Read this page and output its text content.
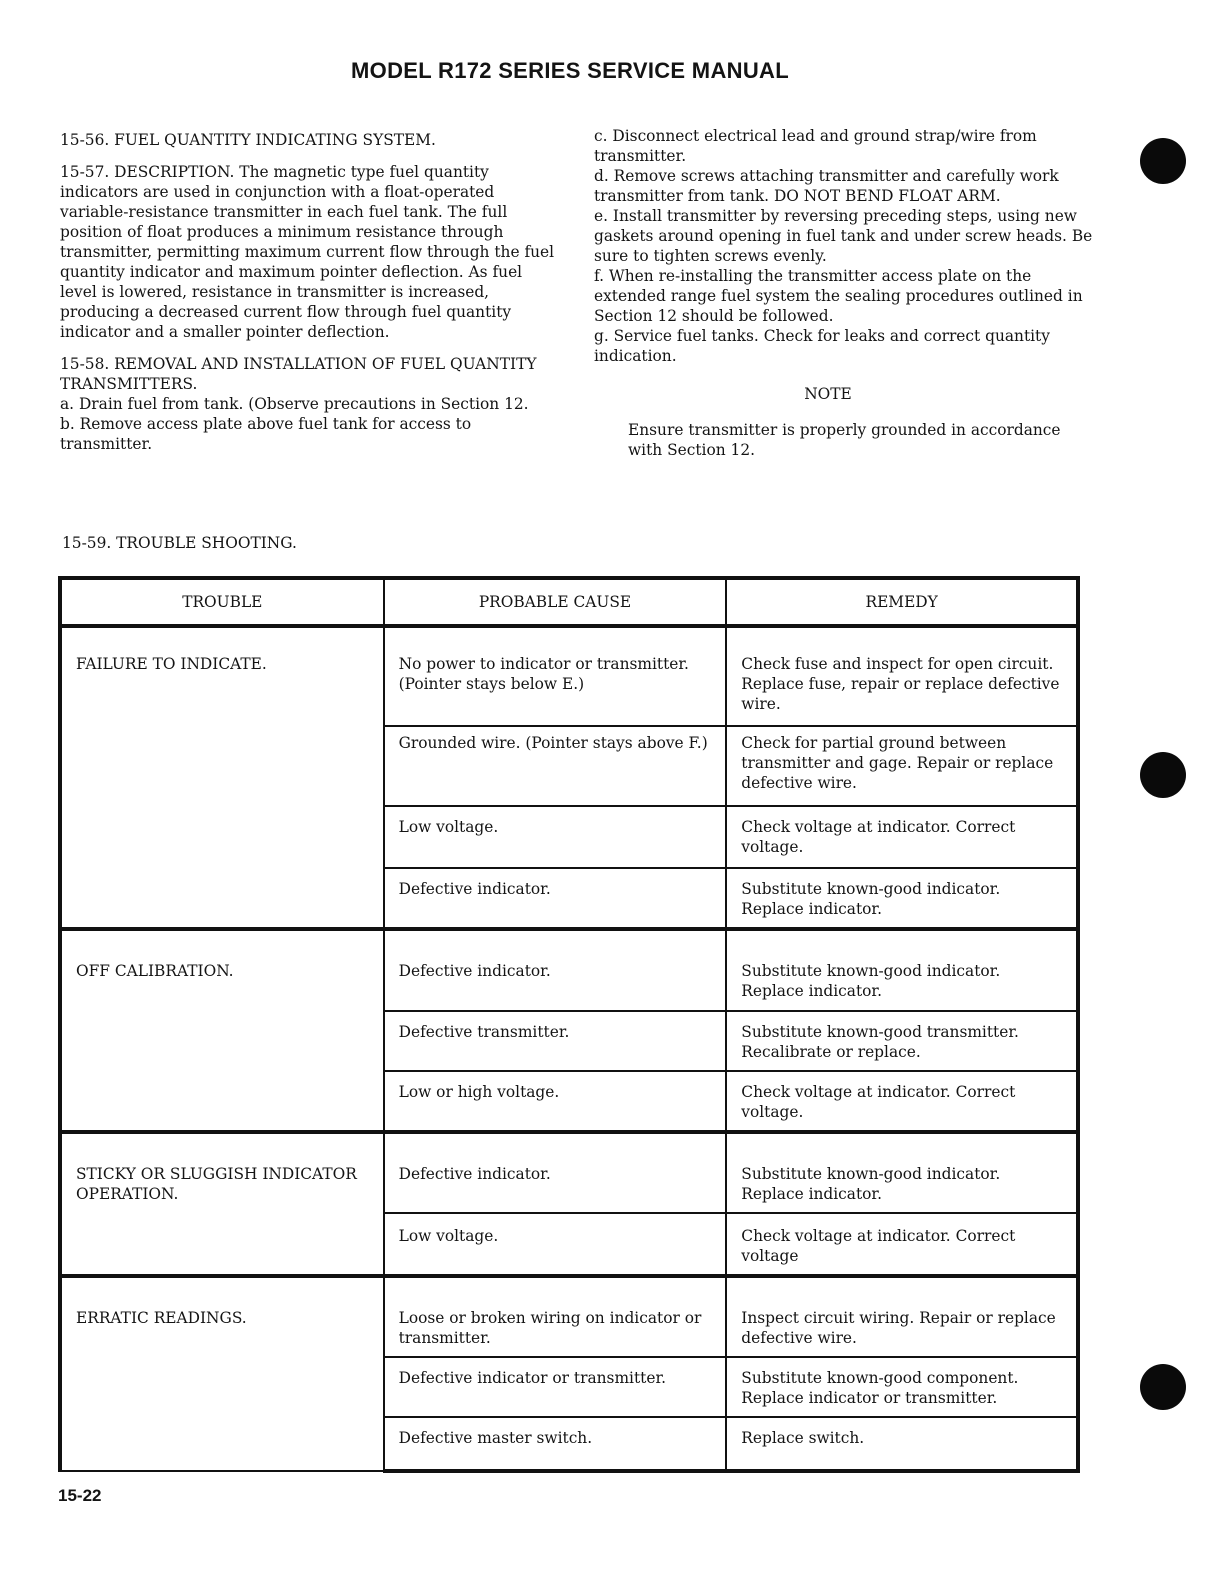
MODEL R172 SERIES SERVICE MANUAL

15-56. FUEL QUANTITY INDICATING SYSTEM.

15-57. DESCRIPTION. The magnetic type fuel quantity indicators are used in conjunction with a float-operated variable-resistance transmitter in each fuel tank. The full position of float produces a minimum resistance through transmitter, permitting maximum current flow through the fuel quantity indicator and maximum pointer deflection. As fuel level is lowered, resistance in transmitter is increased, producing a decreased current flow through fuel quantity indicator and a smaller pointer deflection.

15-58. REMOVAL AND INSTALLATION OF FUEL QUANTITY TRANSMITTERS.

a. Drain fuel from tank. (Observe precautions in Section 12.

b. Remove access plate above fuel tank for access to transmitter.

c. Disconnect electrical lead and ground strap/wire from transmitter.

d. Remove screws attaching transmitter and carefully work transmitter from tank. DO NOT BEND FLOAT ARM.

e. Install transmitter by reversing preceding steps, using new gaskets around opening in fuel tank and under screw heads. Be sure to tighten screws evenly.

f. When re-installing the transmitter access plate on the extended range fuel system the sealing procedures outlined in Section 12 should be followed.

g. Service fuel tanks. Check for leaks and correct quantity indication.

NOTE
Ensure transmitter is properly grounded in accordance with Section 12.
15-59. TROUBLE SHOOTING.
TROUBLE	PROBABLE CAUSE	REMEDY

FAILURE TO INDICATE.	No power to indicator or transmitter. (Pointer stays below E.)	Check fuse and inspect for open circuit. Replace fuse, repair or replace defective wire.

	Grounded wire. (Pointer stays above F.)	Check for partial ground between transmitter and gage. Repair or replace defective wire.

	Low voltage.	Check voltage at indicator. Correct voltage.

	Defective indicator.	Substitute known-good indicator. Replace indicator.

OFF CALIBRATION.	Defective indicator.	Substitute known-good indicator. Replace indicator.

	Defective transmitter.	Substitute known-good transmitter. Recalibrate or replace.

	Low or high voltage.	Check voltage at indicator. Correct voltage.

STICKY OR SLUGGISH INDICATOR OPERATION.	Defective indicator.	Substitute known-good indicator. Replace indicator.

	Low voltage.	Check voltage at indicator. Correct voltage

ERRATIC READINGS.	Loose or broken wiring on indicator or transmitter.	Inspect circuit wiring. Repair or replace defective wire.

	Defective indicator or transmitter.	Substitute known-good component. Replace indicator or transmitter.

	Defective master switch.	Replace switch.
15-22
